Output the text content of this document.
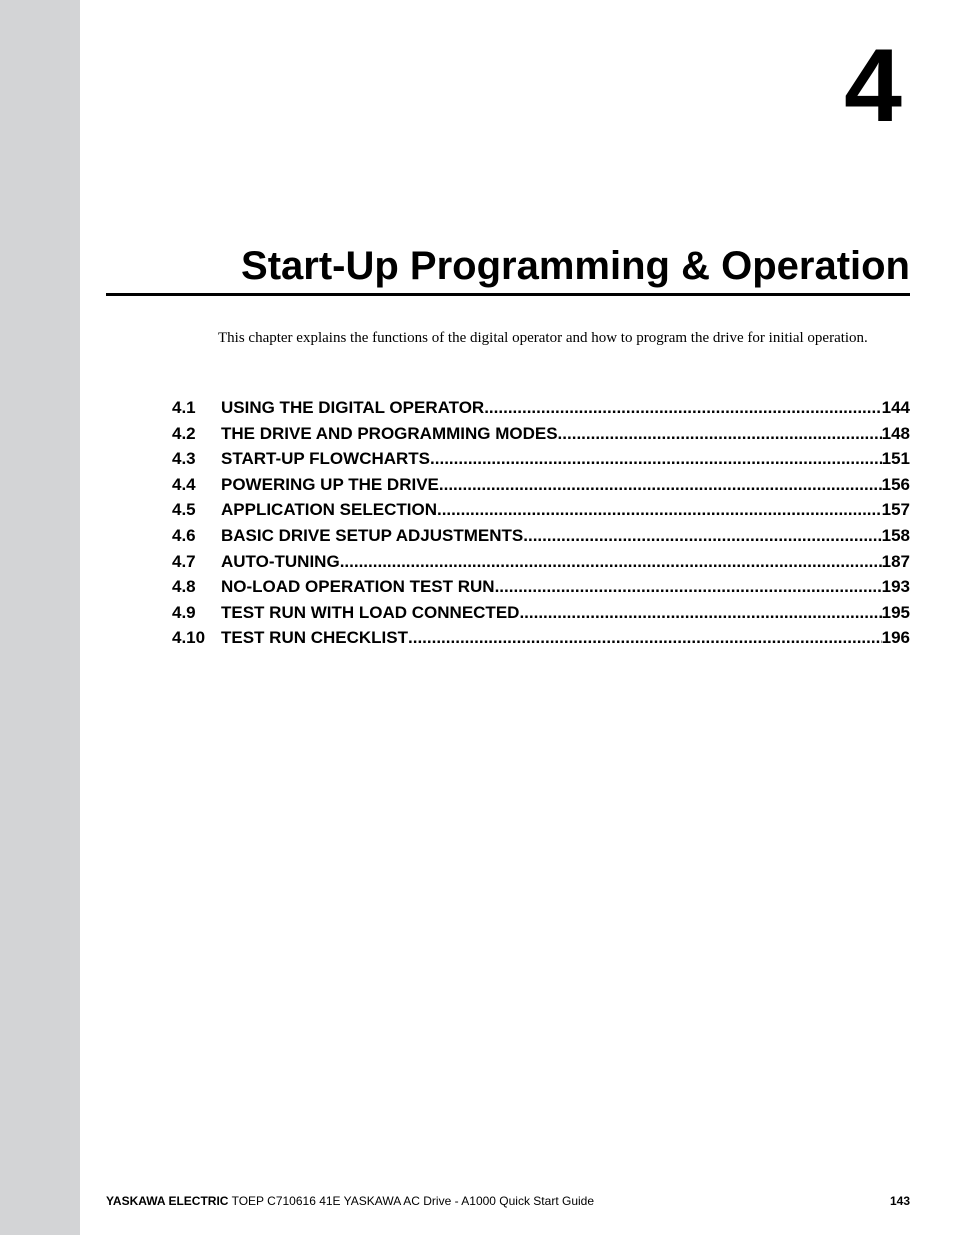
4
Start-Up Programming & Operation

This chapter explains the functions of the digital operator and how to program the drive for initial operation.

4.1	USING THE DIGITAL OPERATOR .....	144
4.2	THE DRIVE AND PROGRAMMING MODES .....	148
4.3	START-UP FLOWCHARTS .....	151
4.4	POWERING UP THE DRIVE .....	156
4.5	APPLICATION SELECTION .....	157
4.6	BASIC DRIVE SETUP ADJUSTMENTS .....	158
4.7	AUTO-TUNING .....	187
4.8	NO-LOAD OPERATION TEST RUN .....	193
4.9	TEST RUN WITH LOAD CONNECTED .....	195
4.10 TEST RUN CHECKLIST .....	196
YASKAWA ELECTRIC TOEP C710616 41E YASKAWA AC Drive - A1000 Quick Start Guide	143
